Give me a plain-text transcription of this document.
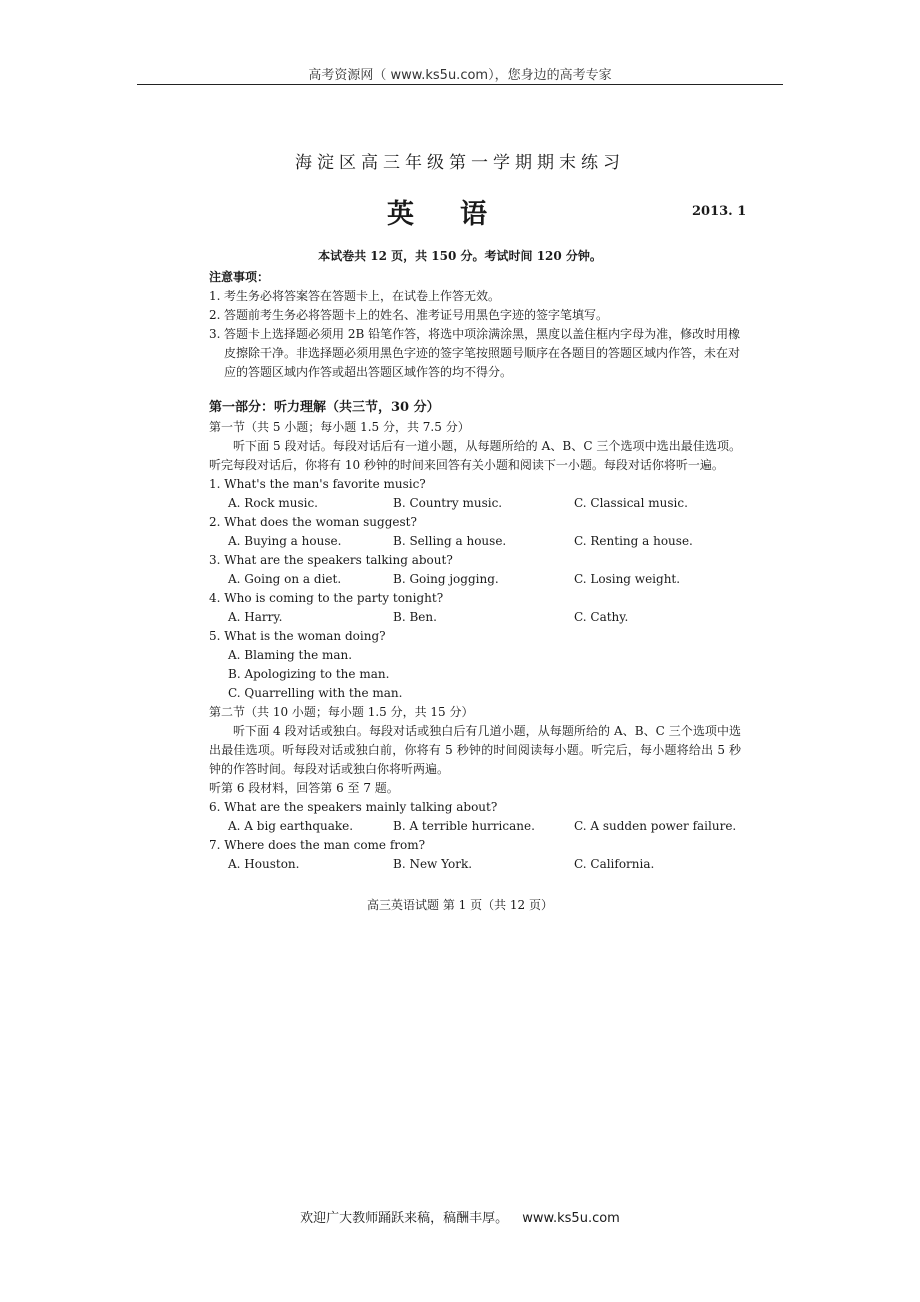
高考资源网（ www.ks5u.com），您身边的高考专家
海淀区高三年级第一学期期末练习
英语	2013. 1
本试卷共 12 页，共 150 分。考试时间 120 分钟。
注意事项：
1. 考生务必将答案答在答题卡上，在试卷上作答无效。
2. 答题前考生务必将答题卡上的姓名、准考证号用黑色字迹的签字笔填写。
3. 答题卡上选择题必须用 2B 铅笔作答，将选中项涂满涂黑，黑度以盖住框内字母为准，修改时用橡皮擦除干净。非选择题必须用黑色字迹的签字笔按照题号顺序在各题目的答题区域内作答，未在对应的答题区域内作答或超出答题区域作答的均不得分。
第一部分：听力理解（共三节，30 分）
第一节（共 5 小题；每小题 1.5 分，共 7.5 分）
听下面 5 段对话。每段对话后有一道小题，从每题所给的 A、B、C 三个选项中选出最佳选项。听完每段对话后，你将有 10 秒钟的时间来回答有关小题和阅读下一小题。每段对话你将听一遍。
1. What's the man's favorite music?
A. Rock music.	B. Country music.	C. Classical music.
2. What does the woman suggest?
A. Buying a house.	B. Selling a house.	C. Renting a house.
3. What are the speakers talking about?
A. Going on a diet.	B. Going jogging.	C. Losing weight.
4. Who is coming to the party tonight?
A. Harry.	B. Ben.	C. Cathy.
5. What is the woman doing?
A. Blaming the man.
B. Apologizing to the man.
C. Quarrelling with the man.
第二节（共 10 小题；每小题 1.5 分，共 15 分）
听下面 4 段对话或独白。每段对话或独白后有几道小题，从每题所给的 A、B、C 三个选项中选出最佳选项。听每段对话或独白前，你将有 5 秒钟的时间阅读每小题。听完后，每小题将给出 5 秒钟的作答时间。每段对话或独白你将听两遍。
听第 6 段材料，回答第 6 至 7 题。
6. What are the speakers mainly talking about?
A. A big earthquake.	B. A terrible hurricane.	C. A sudden power failure.
7. Where does the man come from?
A. Houston.	B. New York.	C. California.
高三英语试题 第 1 页（共 12 页）
欢迎广大教师踊跃来稿，稿酬丰厚。 www.ks5u.com
